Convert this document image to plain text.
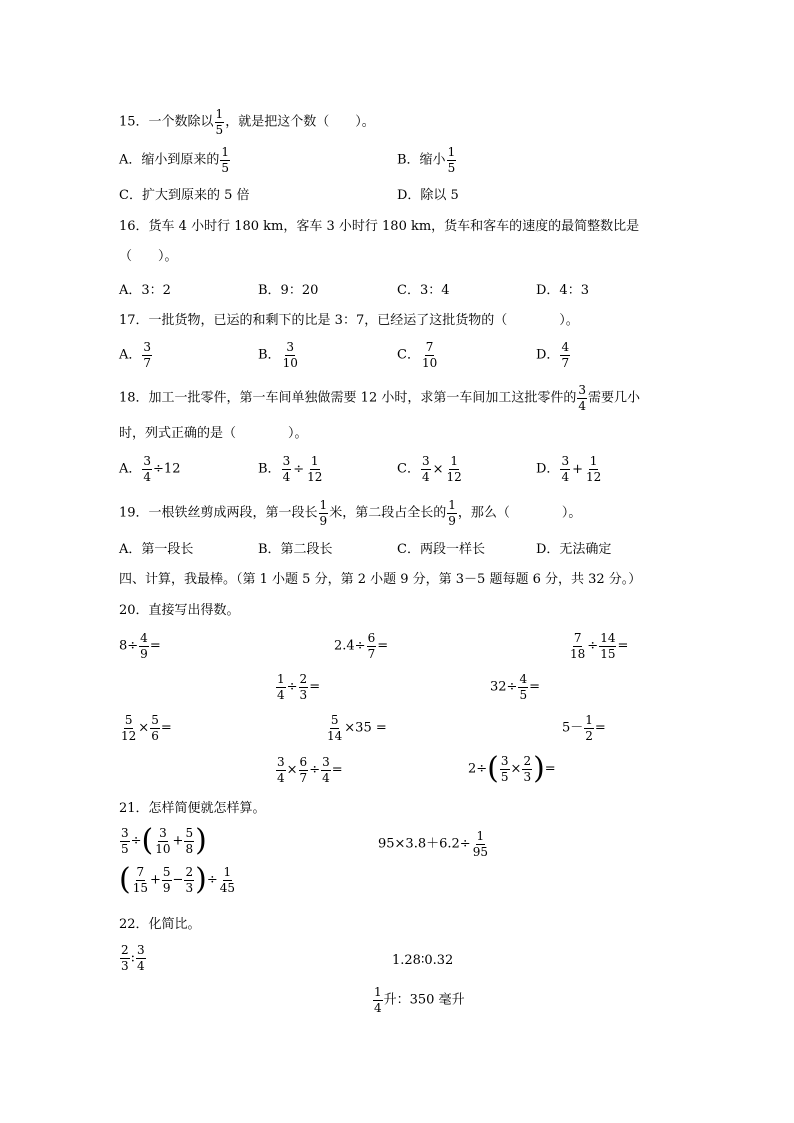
15．一个数除以 $\frac{1}{5}$ ，就是把这个数（　　）。
A．缩小到原来的 $\frac{1}{5}$	B．缩小 $\frac{1}{5}$
C．扩大到原来的 5 倍	D．除以 5
16．货车 4 小时行 180 km，客车 3 小时行 180 km，货车和客车的速度的最简整数比是
（　　）。
A．3：2	B．9：20	C．3：4	D．4：3
17．一批货物，已运的和剩下的比是 3：7，已经运了这批货物的（　　　　）。
A． $\frac{3}{7}$	B． $\frac{3}{10}$	C． $\frac{7}{10}$	D． $\frac{4}{7}$
18．加工一批零件，第一车间单独做需要 12 小时，求第一车间加工这批零件的 $\frac{3}{4}$ 需要几小
时，列式正确的是（　　　　）。
A． $\frac{3}{4} \div 12$	B． $\frac{3}{4} \div \frac{1}{12}$	C． $\frac{3}{4} \times \frac{1}{12}$	D． $\frac{3}{4} + \frac{1}{12}$
19．一根铁丝剪成两段，第一段长 $\frac{1}{9}$ 米，第二段占全长的 $\frac{1}{9}$ ，那么（　　　　）。
A．第一段长	B．第二段长	C．两段一样长	D．无法确定
四、计算，我最棒。（第 1 小题 5 分，第 2 小题 9 分，第 3－5 题每题 6 分，共 32 分。）
20．直接写出得数。
$8\div \frac{4}{9}$ =	$2.4\div \frac{6}{7}$ =	$\frac{7}{18} \div \frac{14}{15}$ =
$\frac{1}{4} \div \frac{2}{3}$ =	$32\div \frac{4}{5}$ =
$\frac{5}{12} \times \frac{5}{6}$ =	$\frac{5}{14} \times 35$ =	$5- \frac{1}{2}$ =
$\frac{3}{4} \times \frac{6}{7} \div \frac{3}{4}$ =	$2\div( \frac{3}{5} \times \frac{2}{3}$ )=
21．怎样简便就怎样算。
$\frac{3}{5}$ ÷( $\frac{3}{10} + \frac{5}{8}$ )	$95\times 3.8+6.2\div \frac{1}{95}$
( $\frac{7}{15} + \frac{5}{9} - \frac{2}{3}$ )÷ $\frac{1}{45}$
22．化简比。
$\frac{2}{3}$ : $\frac{3}{4}$	1.28∶0.32
$\frac{1}{4}$ 升：350 毫升
